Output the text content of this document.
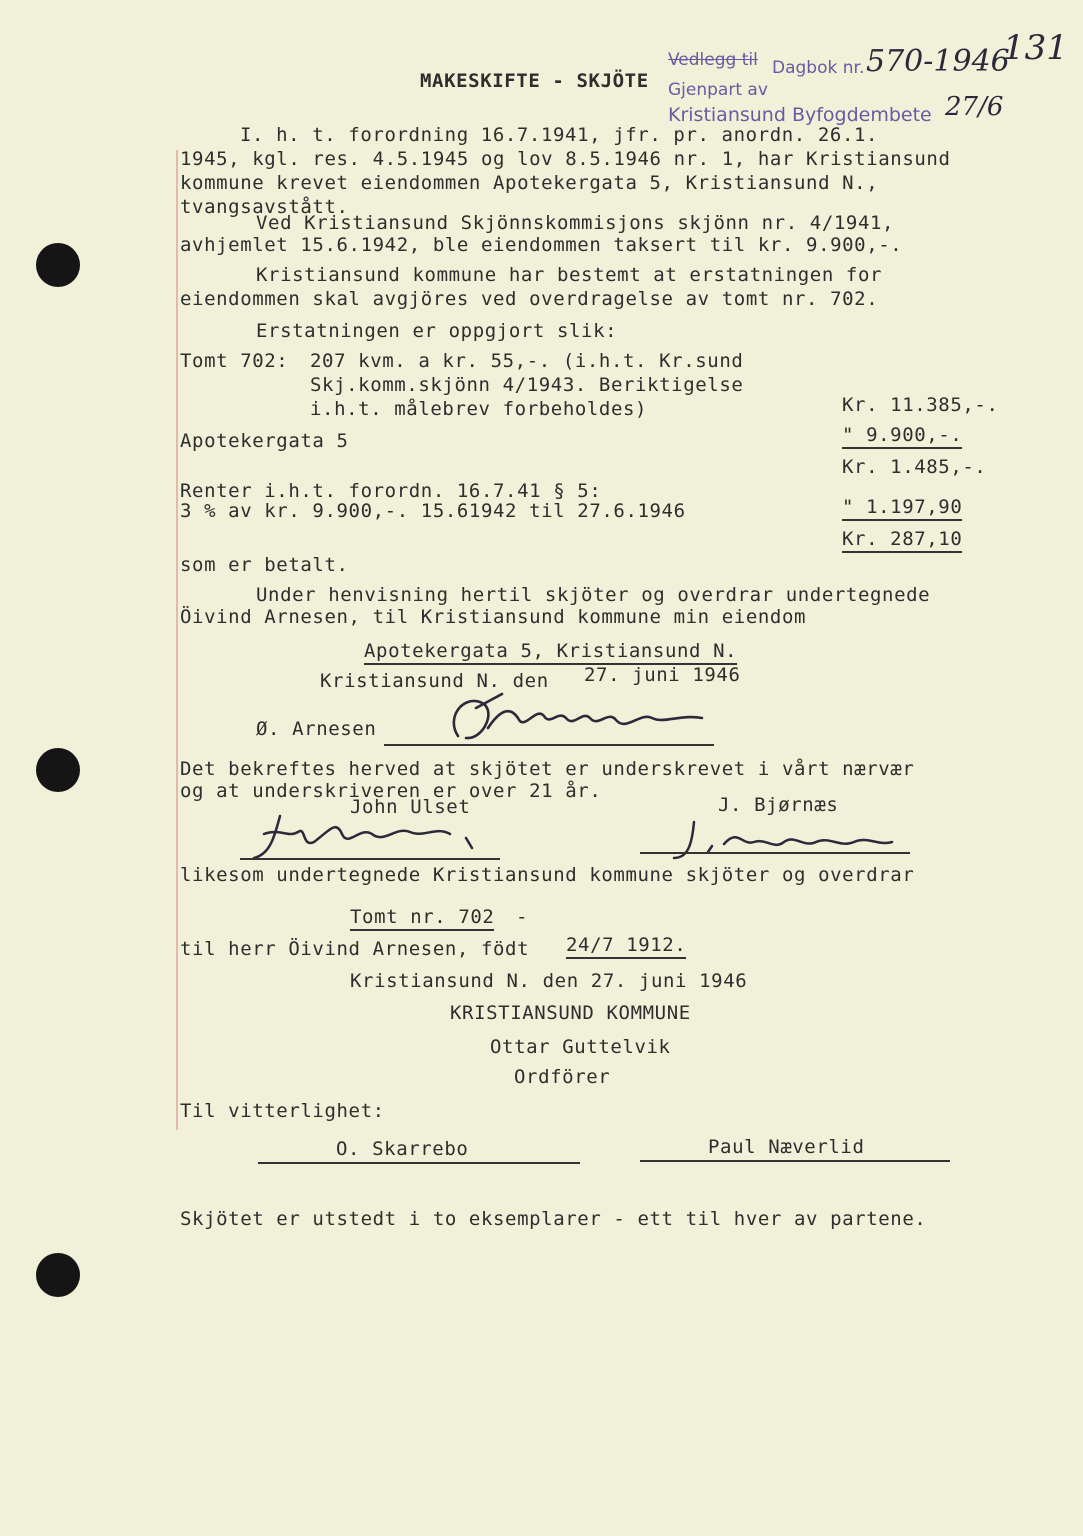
MAKESKIFTE - SKJÖTE
Vedlegg til Dagbok nr. 570-1946
131
Gjenpart av
Kristiansund Byfogdembete 27/6
I. h. t. forordning 16.7.1941, jfr. pr. anordn. 26.1.
1945, kgl. res. 4.5.1945 og lov 8.5.1946 nr. 1, har Kristiansund
kommune krevet eiendommen Apotekergata 5, Kristiansund N.,
tvangsavstått.
Ved Kristiansund Skjönnskommisjons skjönn nr. 4/1941,
avhjemlet 15.6.1942, ble eiendommen taksert til kr. 9.900,-.
Kristiansund kommune har bestemt at erstatningen for
eiendommen skal avgjöres ved overdragelse av tomt nr. 702.
Erstatningen er oppgjort slik:
Tomt 702: 207 kvm. a kr. 55,-. (i.h.t. Kr.sund
Skj.komm.skjönn 4/1943. Beriktigelse
i.h.t. målebrev forbeholdes)	Kr. 11.385,-.
Apotekergata 5	" 9.900,-.
Kr. 1.485,-.
Renter i.h.t. forordn. 16.7.41 § 5:
3 % av kr. 9.900,-. 15.61942 til 27.6.1946	" 1.197,90
Kr. 287,10
som er betalt.
Under henvisning hertil skjöter og overdrar undertegnede
Öivind Arnesen, til Kristiansund kommune min eiendom
Apotekergata 5, Kristiansund N.
Kristiansund N. den 27. juni 1946
Ø. Arnesen
Det bekreftes herved at skjötet er underskrevet i vårt nærvær
og at underskriveren er over 21 år.
John Ulset	J. Bjørnæs
likesom undertegnede Kristiansund kommune skjöter og overdrar
Tomt nr. 702 -
til herr Öivind Arnesen, födt 24/7 1912.
Kristiansund N. den 27. juni 1946
KRISTIANSUND KOMMUNE
Ottar Guttelvik
Ordförer
Til vitterlighet:
O. Skarrebo	Paul Næverlid
Skjötet er utstedt i to eksemplarer - ett til hver av partene.
